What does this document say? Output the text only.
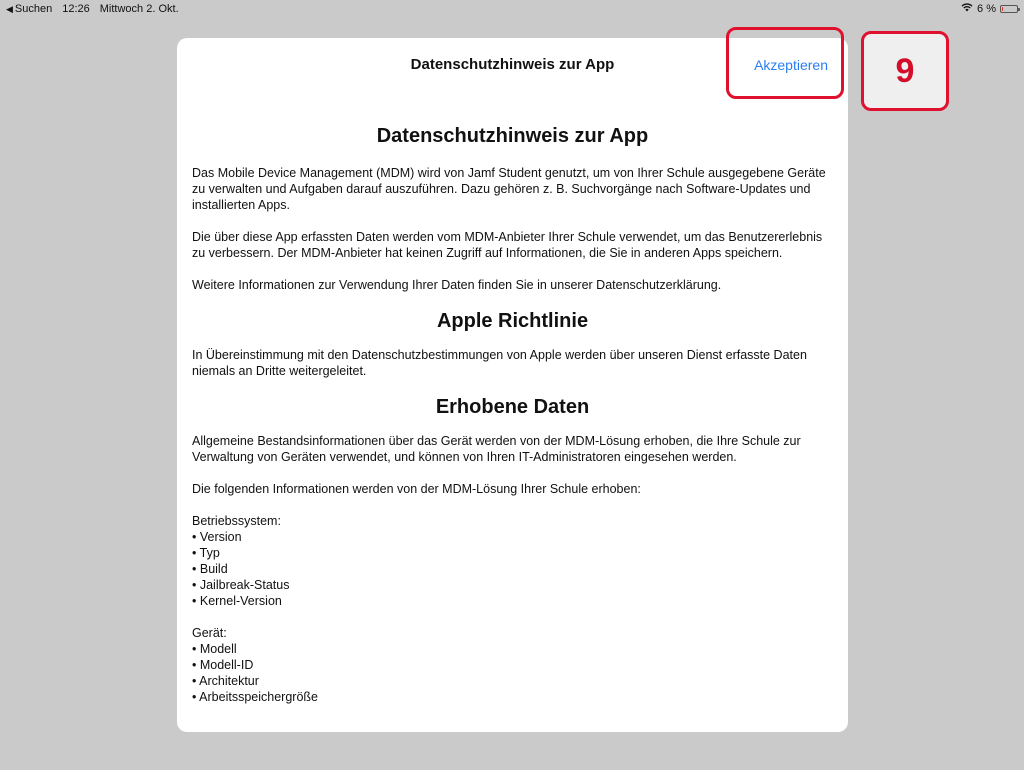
◀ Suchen 12:26 Mittwoch 2. Okt.	6 %
Datenschutzhinweis zur App	Akzeptieren
Datenschutzhinweis zur App

Das Mobile Device Management (MDM) wird von Jamf Student genutzt, um von Ihrer Schule ausgegebene Geräte zu verwalten und Aufgaben darauf auszuführen. Dazu gehören z. B. Suchvorgänge nach Software-Updates und installierten Apps.

Die über diese App erfassten Daten werden vom MDM-Anbieter Ihrer Schule verwendet, um das Benutzererlebnis zu verbessern. Der MDM-Anbieter hat keinen Zugriff auf Informationen, die Sie in anderen Apps speichern.

Weitere Informationen zur Verwendung Ihrer Daten finden Sie in unserer Datenschutzerklärung.

Apple Richtlinie

In Übereinstimmung mit den Datenschutzbestimmungen von Apple werden über unseren Dienst erfasste Daten niemals an Dritte weitergeleitet.

Erhobene Daten

Allgemeine Bestandsinformationen über das Gerät werden von der MDM-Lösung erhoben, die Ihre Schule zur Verwaltung von Geräten verwendet, und können von Ihren IT-Administratoren eingesehen werden.

Die folgenden Informationen werden von der MDM-Lösung Ihrer Schule erhoben:

Betriebssystem:
• Version
• Typ
• Build
• Jailbreak-Status
• Kernel-Version
Gerät:
• Modell
• Modell-ID
• Architektur
• Arbeitsspeichergröße
9
